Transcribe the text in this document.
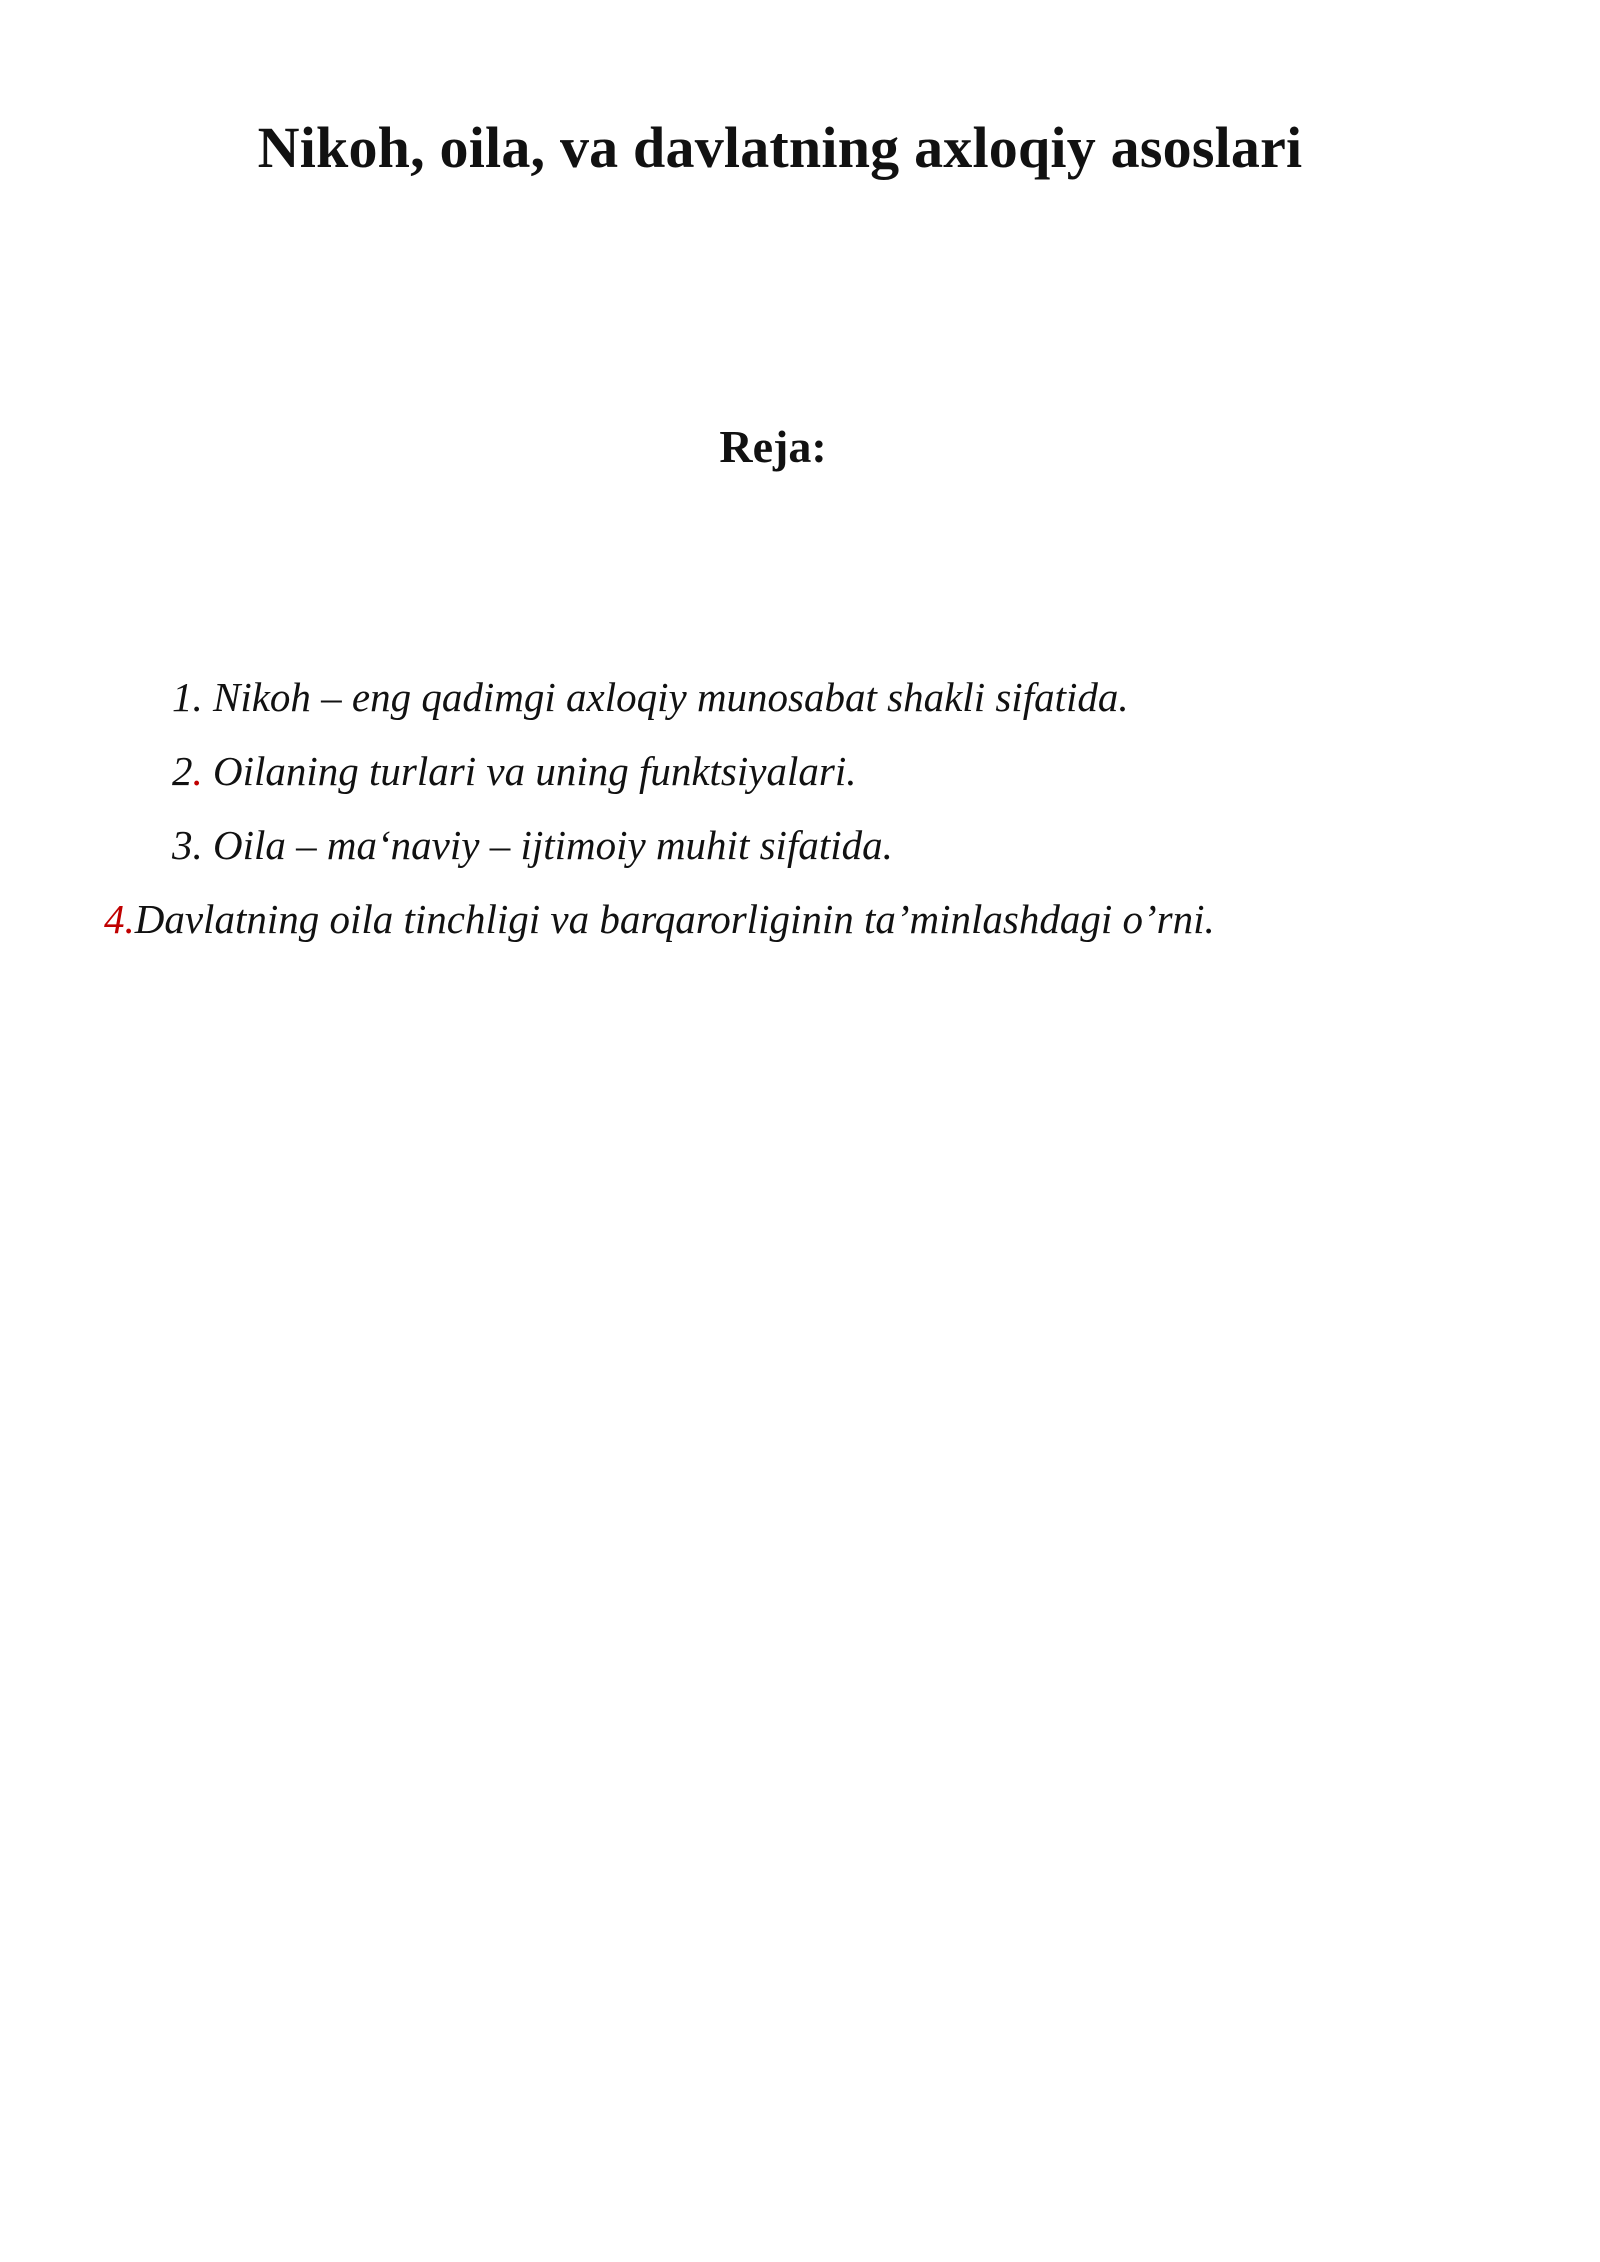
Nikoh, oila, va davlatning axloqiy asoslari
Reja:
1. Nikoh – eng qadimgi axloqiy munosabat shakli sifatida.
2. Oilaning turlari va uning funktsiyalari.
3. Oila – ma‘naviy – ijtimoiy muhit sifatida.
4.Davlatning oila tinchligi va barqarorliginin ta’minlashdagi o’rni.
